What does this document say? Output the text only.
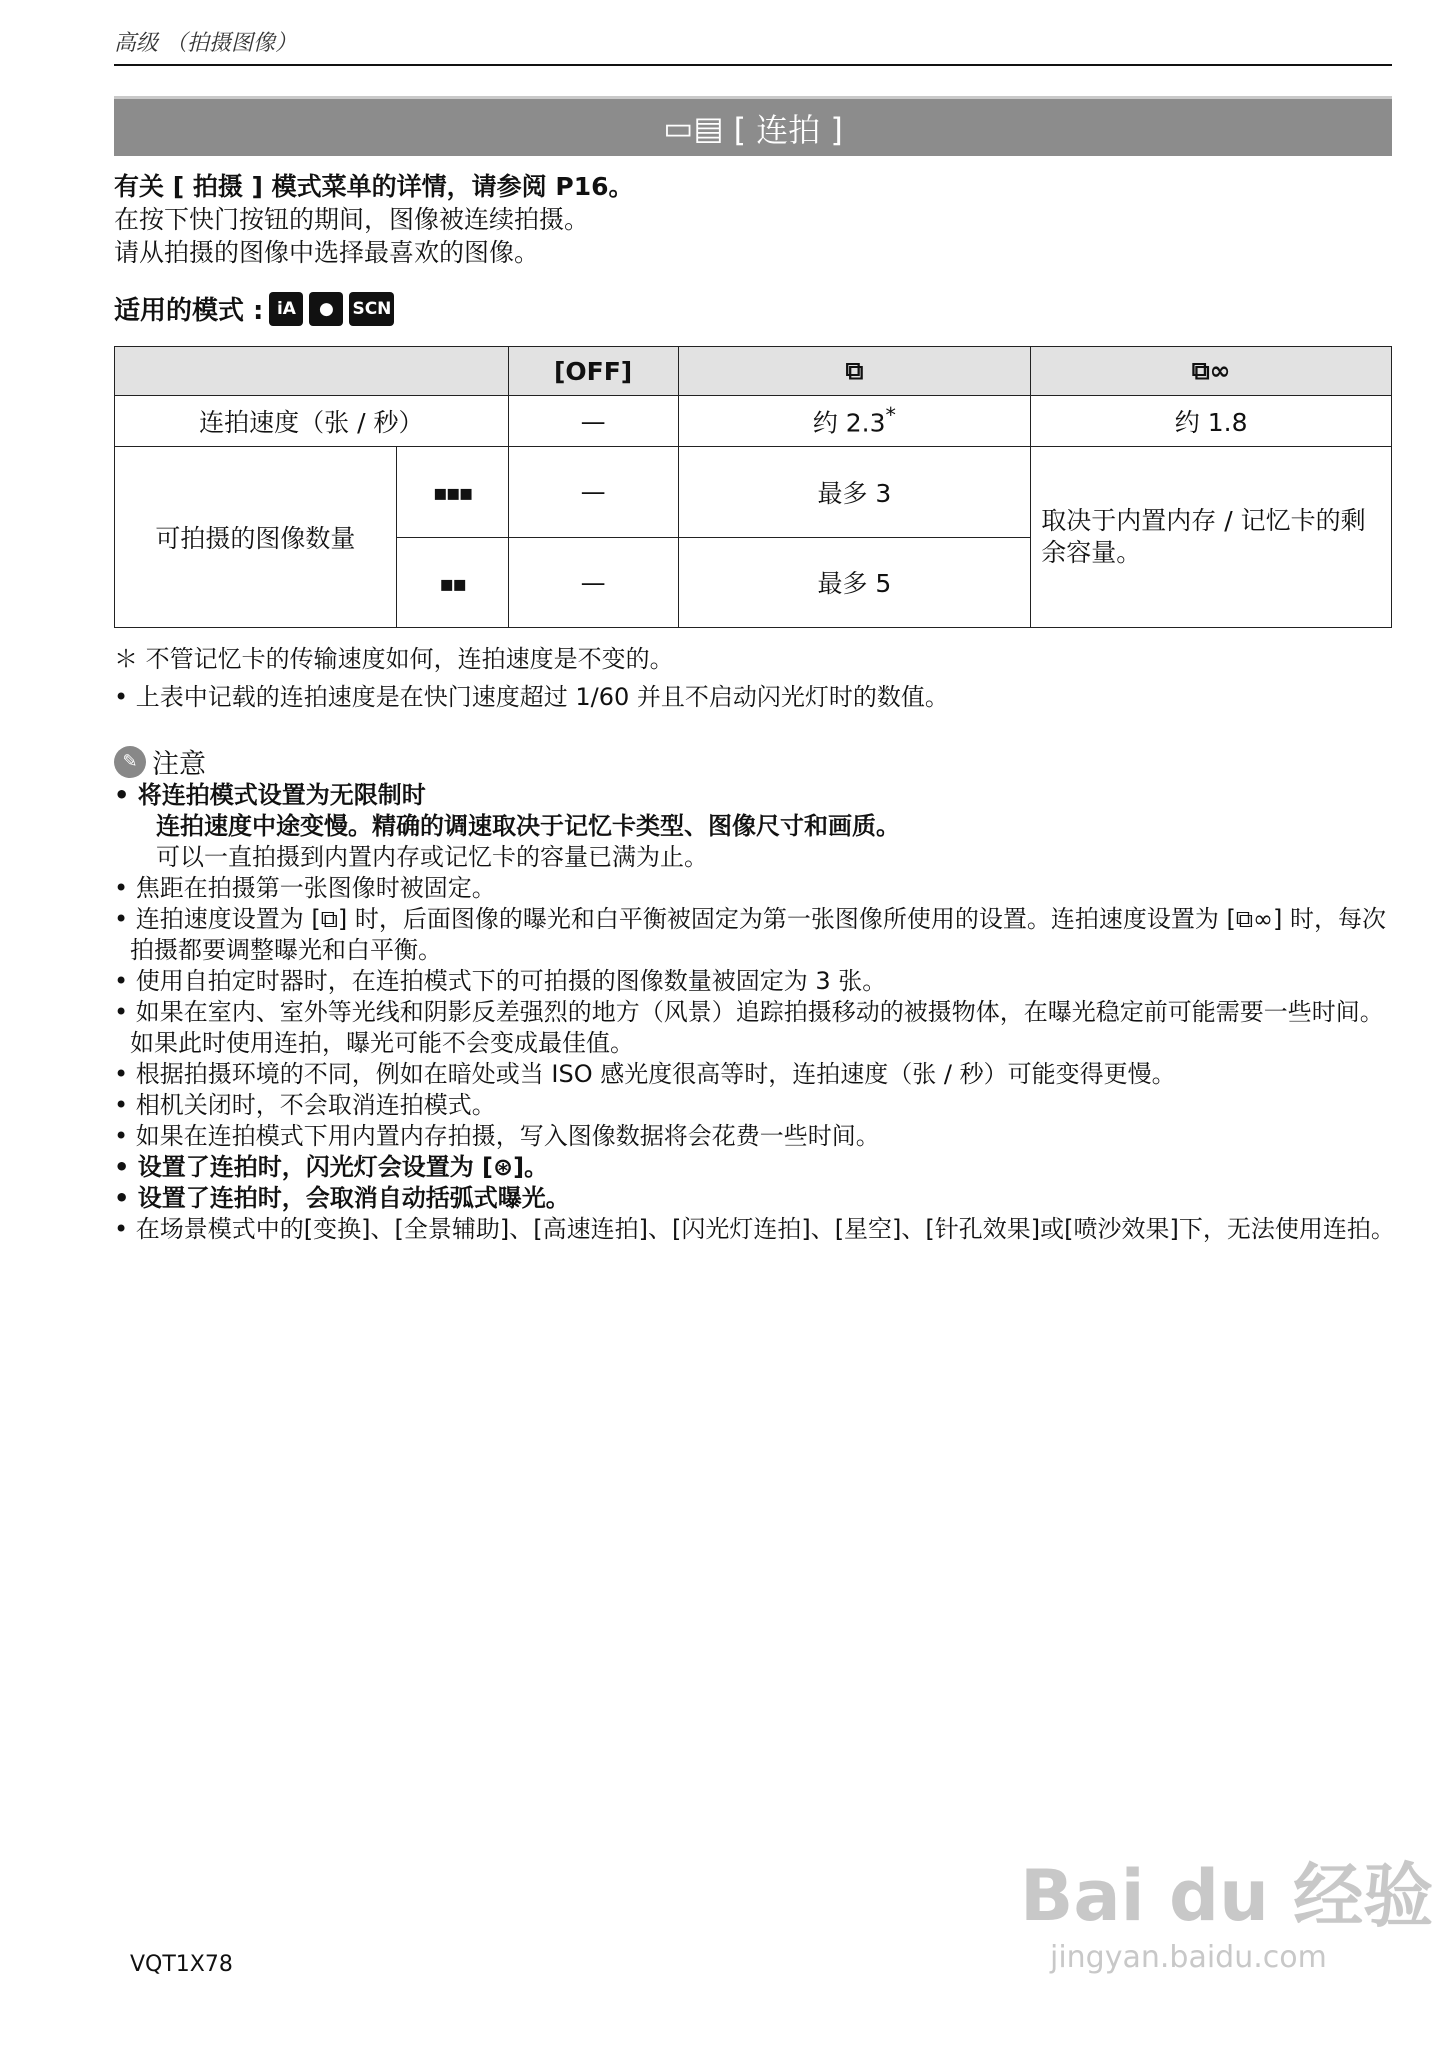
高级 （拍摄图像）
▭▤ [ 连拍 ]
有关 [ 拍摄 ] 模式菜单的详情，请参阅 P16。
在按下快门按钮的期间，图像被连续拍摄。
请从拍摄的图像中选择最喜欢的图像。
适用的模式 : iA	●	SCN
		[OFF]	⧉	⧉∞
连拍速度（张 / 秒）		—	约 2.3*	约 1.8
可拍摄的图像数量	▪▪▪	—	最多 3	取决于内置内存 / 记忆卡的剩余容量。
	▪▪	—	最多 5	
＊ 不管记忆卡的传输速度如何，连拍速度是不变的。
• 上表中记载的连拍速度是在快门速度超过 1/60 并且不启动闪光灯时的数值。
✎ 注意
• 将连拍模式设置为无限制时
连拍速度中途变慢。精确的调速取决于记忆卡类型、图像尺寸和画质。
可以一直拍摄到内置内存或记忆卡的容量已满为止。
• 焦距在拍摄第一张图像时被固定。
• 连拍速度设置为 [⧉] 时，后面图像的曝光和白平衡被固定为第一张图像所使用的设置。连拍速度设置为 [⧉∞] 时，每次拍摄都要调整曝光和白平衡。
• 使用自拍定时器时，在连拍模式下的可拍摄的图像数量被固定为 3 张。
• 如果在室内、室外等光线和阴影反差强烈的地方（风景）追踪拍摄移动的被摄物体，在曝光稳定前可能需要一些时间。如果此时使用连拍，曝光可能不会变成最佳值。
• 根据拍摄环境的不同，例如在暗处或当 ISO 感光度很高等时，连拍速度（张 / 秒）可能变得更慢。
• 相机关闭时，不会取消连拍模式。
• 如果在连拍模式下用内置内存拍摄，写入图像数据将会花费一些时间。
• 设置了连拍时，闪光灯会设置为 [⊛]。
• 设置了连拍时，会取消自动括弧式曝光。
• 在场景模式中的[变换]、[全景辅助]、[高速连拍]、[闪光灯连拍]、[星空]、[针孔效果]或[喷沙效果]下，无法使用连拍。
VQT1X78
Bai du 经验
jingyan.baidu.com
